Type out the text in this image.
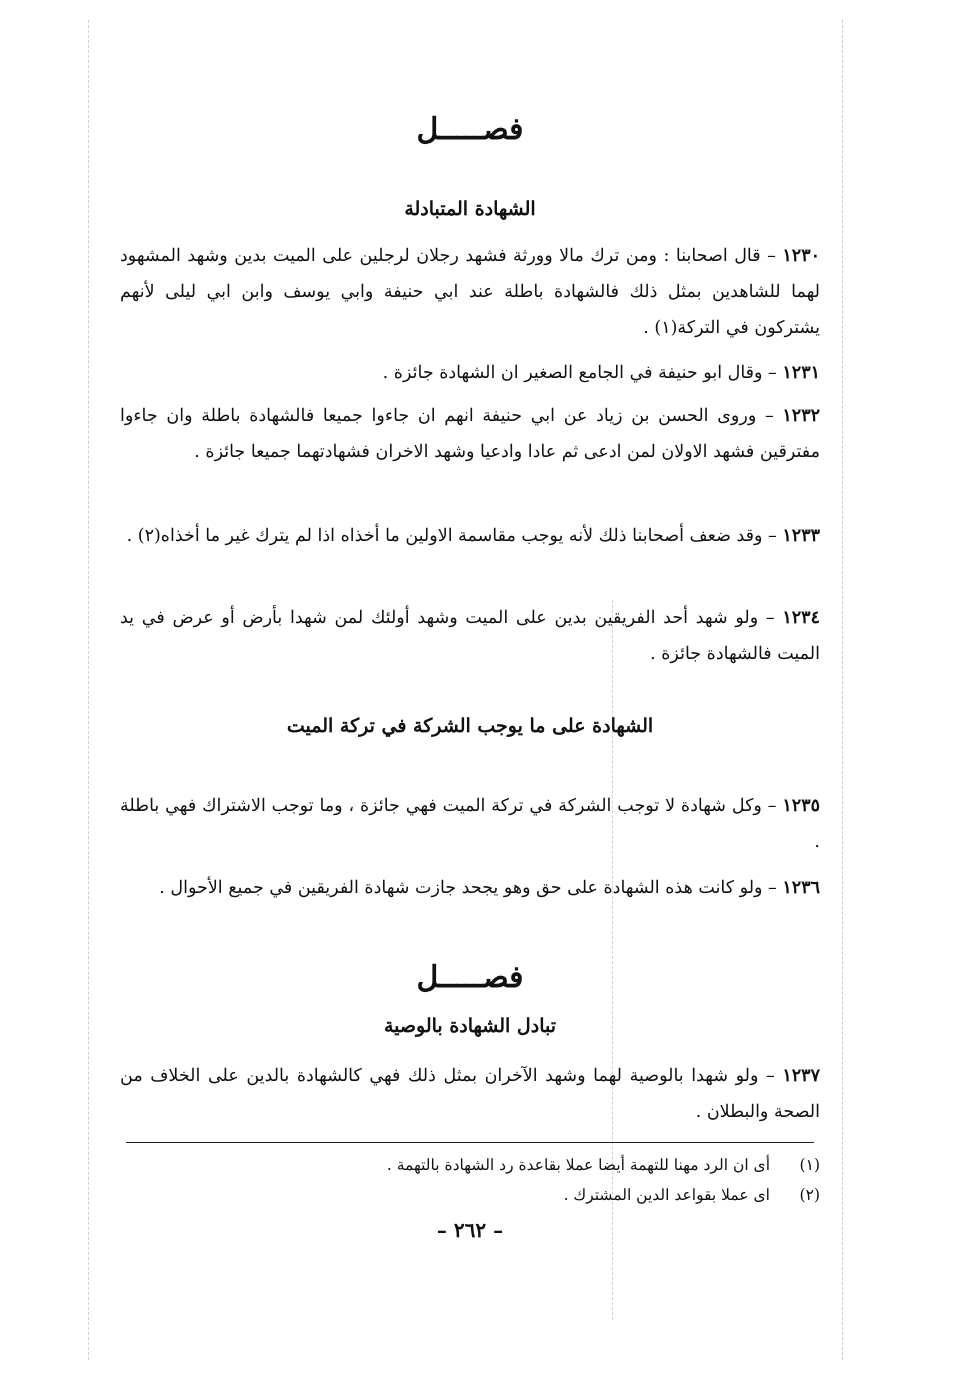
فصـــــل
الشهادة المتبادلة
١٢٣٠ – قال اصحابنا : ومن ترك مالا وورثة فشهد رجلان لرجلين على الميت بدين وشهد المشهود لهما للشاهدين بمثل ذلك فالشهادة باطلة عند ابي حنيفة وابي يوسف وابن ابي ليلى لأنهم يشتركون في التركة(١) .
١٢٣١ – وقال ابو حنيفة في الجامع الصغير ان الشهادة جائزة .
١٢٣٢ – وروى الحسن بن زياد عن ابي حنيفة انهم ان جاءوا جميعا فالشهادة باطلة وان جاءوا مفترقين فشهد الاولان لمن ادعى ثم عادا وادعيا وشهد الاخران فشهادتهما جميعا جائزة .
١٢٣٣ – وقد ضعف أصحابنا ذلك لأنه يوجب مقاسمة الاولين ما أخذاه اذا لم يترك غير ما أخذاه(٢) .
١٢٣٤ – ولو شهد أحد الفريقين بدين على الميت وشهد أولئك لمن شهدا بأرض أو عرض في يد الميت فالشهادة جائزة .
الشهادة على ما يوجب الشركة في تركة الميت
١٢٣٥ – وكل شهادة لا توجب الشركة في تركة الميت فهي جائزة ، وما توجب الاشتراك فهي باطلة .
١٢٣٦ – ولو كانت هذه الشهادة على حق وهو يجحد جازت شهادة الفريقين في جميع الأحوال .
فصـــــل
تبادل الشهادة بالوصية
١٢٣٧ – ولو شهدا بالوصية لهما وشهد الآخران بمثل ذلك فهي كالشهادة بالدين على الخلاف من الصحة والبطلان .
(١)
أى ان الرد مهنا للتهمة أيضا عملا بقاعدة رد الشهادة بالتهمة .
(٢)
اى عملا بقواعد الدين المشترك .
– ٢٦٢ –
